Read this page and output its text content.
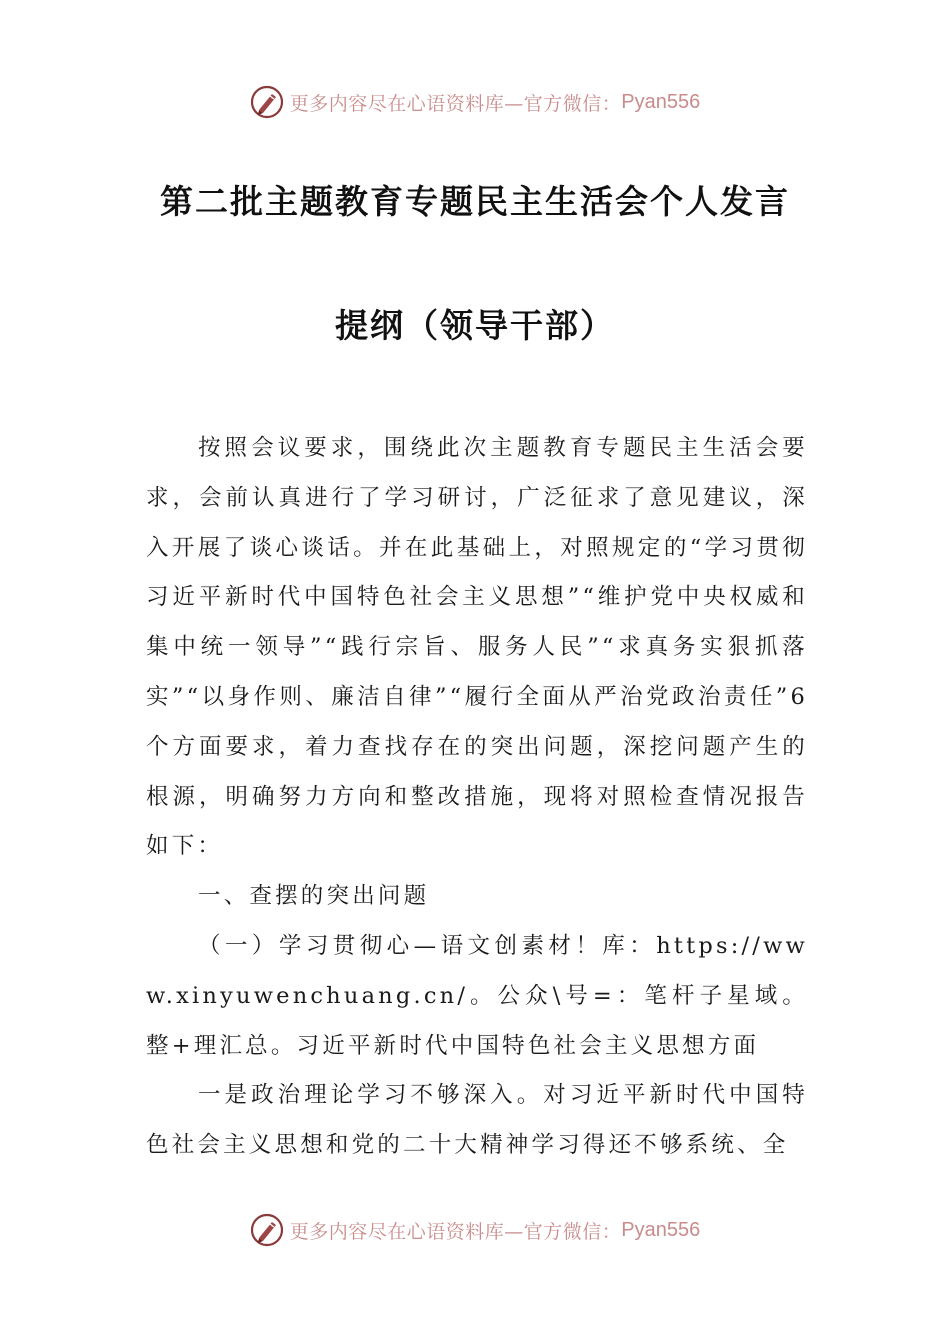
更多内容尽在心语资料库—官方微信： Pyan556
第二批主题教育专题民主生活会个人发言
提纲（领导干部）

按照会议要求，围绕此次主题教育专题民主生活会要求，会前认真进行了学习研讨，广泛征求了意见建议，深入开展了谈心谈话。并在此基础上，对照规定的“学习贯彻习近平新时代中国特色社会主义思想”“维护党中央权威和集中统一领导”“践行宗旨、服务人民”“求真务实狠抓落实”“以身作则、廉洁自律”“履行全面从严治党政治责任”6个方面要求，着力查找存在的突出问题，深挖问题产生的根源，明确努力方向和整改措施，现将对照检查情况报告如下：

一、查摆的突出问题

（一）学习贯彻心—语文创素材！库：https://www.xinyuwenchuang.cn/。公众\号=：笔杆子星域。整+理汇总。习近平新时代中国特色社会主义思想方面

一是政治理论学习不够深入。对习近平新时代中国特色社会主义思想和党的二十大精神学习得还不够系统、全

更多内容尽在心语资料库—官方微信： Pyan556
